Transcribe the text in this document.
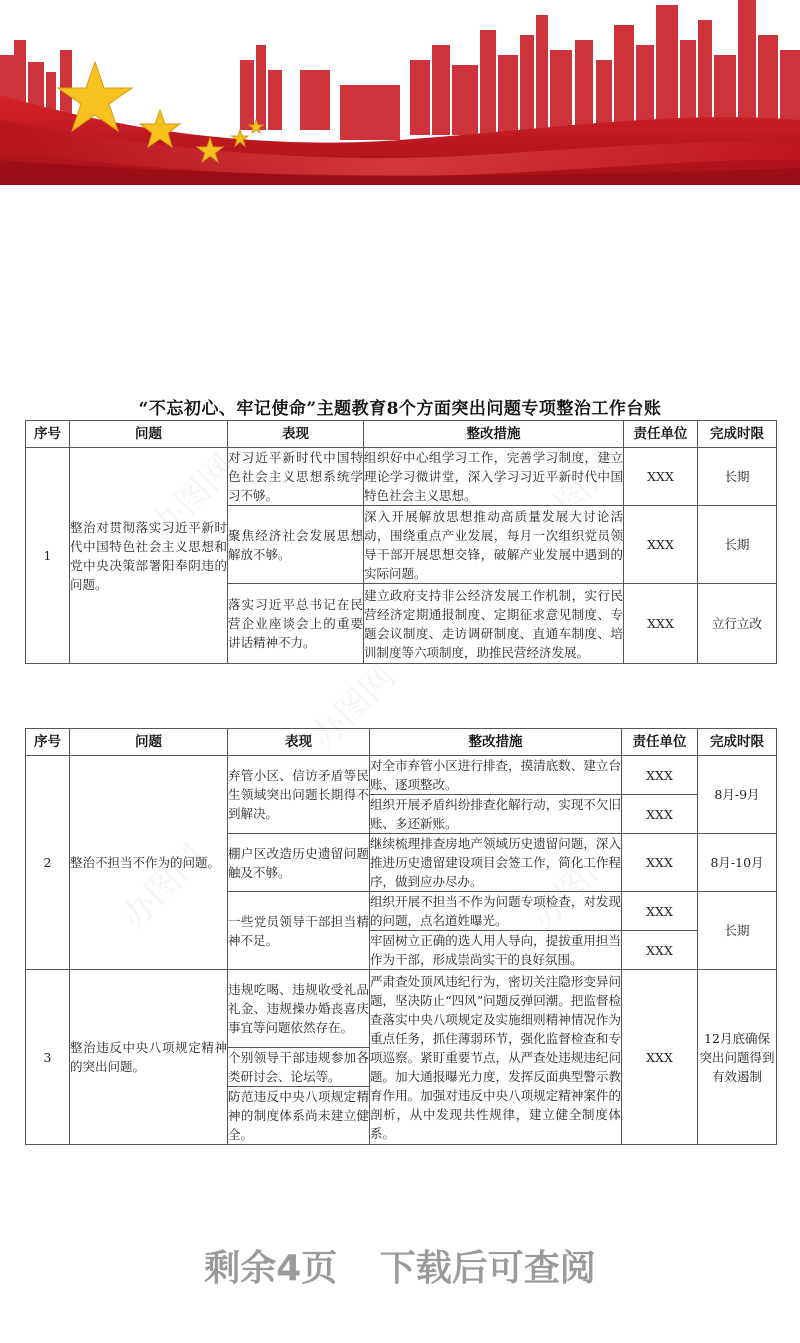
“不忘初心、牢记使命”主题教育8个方面突出问题专项整治工作台账
序号	问题	表现	整改措施	责任单位	完成时限
1	整治对贯彻落实习近平新时代中国特色社会主义思想和党中央决策部署阳奉阴违的问题。	对习近平新时代中国特色社会主义思想系统学习不够。	组织好中心组学习工作，完善学习制度，建立理论学习微讲堂，深入学习习近平新时代中国特色社会主义思想。	XXX	长期
		聚焦经济社会发展思想解放不够。	深入开展解放思想推动高质量发展大讨论活动，围绕重点产业发展，每月一次组织党员领导干部开展思想交锋，破解产业发展中遇到的实际问题。	XXX	长期
		落实习近平总书记在民营企业座谈会上的重要讲话精神不力。	建立政府支持非公经济发展工作机制，实行民营经济定期通报制度、定期征求意见制度、专题会议制度、走访调研制度、直通车制度、培训制度等六项制度，助推民营经济发展。	XXX	立行立改
序号	问题	表现	整改措施	责任单位	完成时限
2	整治不担当不作为的问题。	弃管小区、信访矛盾等民生领域突出问题长期得不到解决。	对全市弃管小区进行排查，摸清底数、建立台账、逐项整改。	XXX	8月-9月
			组织开展矛盾纠纷排查化解行动，实现不欠旧账、多还新账。	XXX	
		棚户区改造历史遗留问题触及不够。	继续梳理排查房地产领域历史遗留问题，深入推进历史遗留建设项目会签工作，简化工作程序，做到应办尽办。	XXX	8月-10月
		一些党员领导干部担当精神不足。	组织开展不担当不作为问题专项检查，对发现的问题，点名道姓曝光。	XXX	长期
			牢固树立正确的选人用人导向，提拔重用担当作为干部，形成崇尚实干的良好氛围。	XXX	
3	整治违反中央八项规定精神的突出问题。	违规吃喝、违规收受礼品礼金、违规操办婚丧喜庆事宜等问题依然存在。	严肃查处顶风违纪行为，密切关注隐形变异问题，坚决防止“四风”问题反弹回潮。把监督检查落实中央八项规定及实施细则精神情况作为重点任务，抓住薄弱环节，强化监督检查和专项巡察。紧盯重要节点，从严查处违规违纪问题。加大通报曝光力度，发挥反面典型警示教育作用。加强对违反中央八项规定精神案件的剖析，从中发现共性规律，建立健全制度体系。	XXX	12月底确保突出问题得到有效遏制
		个别领导干部违规参加各类研讨会、论坛等。			
		防范违反中央八项规定精神的制度体系尚未建立健全。			
剩余4页 下载后可查阅
